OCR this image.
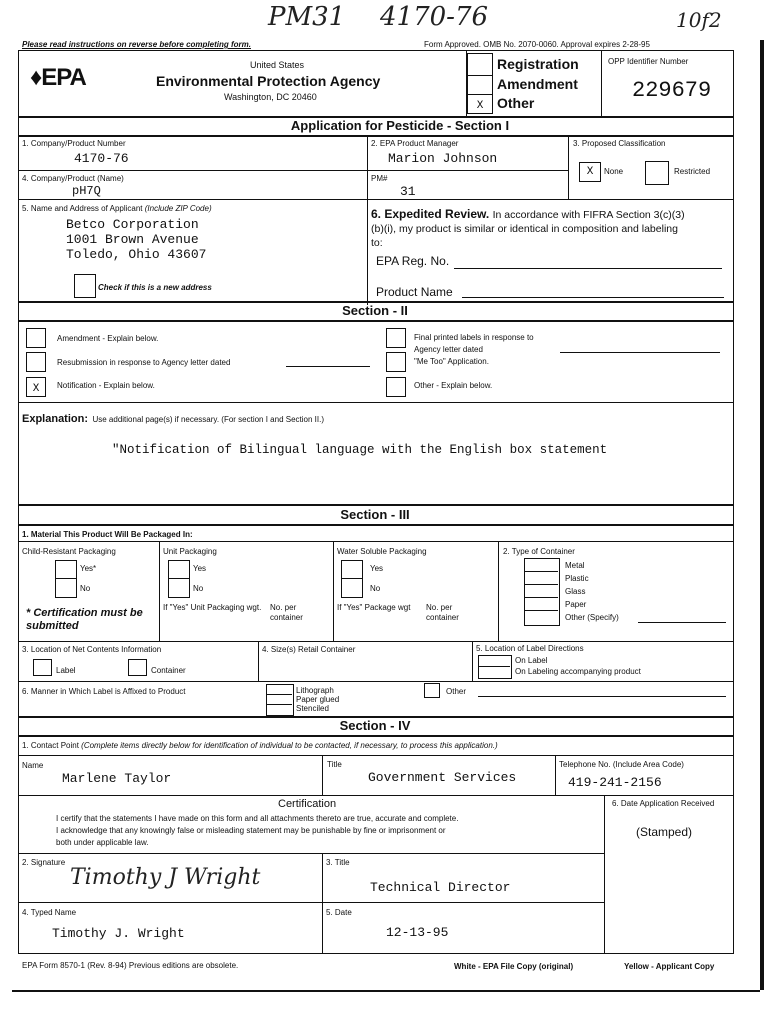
PM31 4170-76	10f2
Please read instructions on reverse before completing form.	Form Approved. OMB No. 2070-0060. Approval expires 2-28-95
♦EPA	United States
Environmental Protection Agency
Washington, DC 20460
X
Registration
Amendment
Other
OPP Identifier Number
229679
Application for Pesticide - Section I
1. Company/Product Number
4170-76
2. EPA Product Manager
Marion Johnson
3. Proposed Classification
X	None	Restricted
4. Company/Product (Name)
pH7Q
PM#
31
5. Name and Address of Applicant (Include ZIP Code)
Betco Corporation
1001 Brown Avenue
Toledo, Ohio 43607
Check if this is a new address
6. Expedited Review. In accordance with FIFRA Section 3(c)(3)
(b)(i), my product is similar or identical in composition and labeling
to:
EPA Reg. No.
Product Name
Section - II
Amendment - Explain below.
Resubmission in response to Agency letter dated
X	Notification - Explain below.
Final printed labels in response to
Agency letter dated
"Me Too" Application.
Other - Explain below.
Explanation: Use additional page(s) if necessary. (For section I and Section II.)
"Notification of Bilingual language with the English box statement
Section - III
1. Material This Product Will Be Packaged In:
Child-Resistant Packaging
Yes*
No
* Certification must be submitted
Unit Packaging
Yes
No
If "Yes" Unit Packaging wgt.	No. per container
Water Soluble Packaging
Yes
No
If "Yes" Package wgt	No. per container
2. Type of Container
Metal
Plastic
Glass
Paper
Other (Specify)
3. Location of Net Contents Information
Label	Container
4. Size(s) Retail Container	5. Location of Label Directions
On Label
On Labeling accompanying product
6. Manner in Which Label is Affixed to Product	Lithograph
Paper glued
Stenciled
Other
Section - IV
1. Contact Point (Complete items directly below for identification of individual to be contacted, if necessary, to process this application.)
Name
Marlene Taylor
Title
Government Services
Telephone No. (Include Area Code)
419-241-2156
Certification
I certify that the statements I have made on this form and all attachments thereto are true, accurate and complete.
I acknowledge that any knowingly false or misleading statement may be punishable by fine or imprisonment or
both under applicable law.
6. Date Application Received
(Stamped)
2. Signature
Timothy J Wright
3. Title
Technical Director
4. Typed Name
Timothy J. Wright
5. Date
12-13-95
EPA Form 8570-1 (Rev. 8-94) Previous editions are obsolete.	White - EPA File Copy (original)	Yellow - Applicant Copy
